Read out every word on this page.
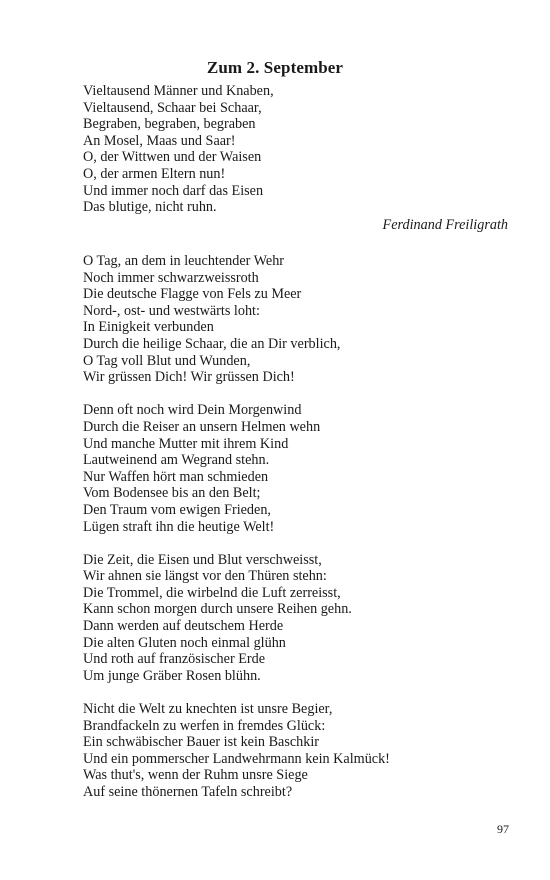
Zum 2. September
Vieltausend Männer und Knaben,
Vieltausend, Schaar bei Schaar,
Begraben, begraben, begraben
An Mosel, Maas und Saar!
O, der Wittwen und der Waisen
O, der armen Eltern nun!
Und immer noch darf das Eisen
Das blutige, nicht ruhn.
Ferdinand Freiligrath
O Tag, an dem in leuchtender Wehr
Noch immer schwarzweissroth
Die deutsche Flagge von Fels zu Meer
Nord-, ost- und westwärts loht:
In Einigkeit verbunden
Durch die heilige Schaar, die an Dir verblich,
O Tag voll Blut und Wunden,
Wir grüssen Dich! Wir grüssen Dich!
Denn oft noch wird Dein Morgenwind
Durch die Reiser an unsern Helmen wehn
Und manche Mutter mit ihrem Kind
Lautweinend am Wegrand stehn.
Nur Waffen hört man schmieden
Vom Bodensee bis an den Belt;
Den Traum vom ewigen Frieden,
Lügen straft ihn die heutige Welt!
Die Zeit, die Eisen und Blut verschweisst,
Wir ahnen sie längst vor den Thüren stehn:
Die Trommel, die wirbelnd die Luft zerreisst,
Kann schon morgen durch unsere Reihen gehn.
Dann werden auf deutschem Herde
Die alten Gluten noch einmal glühn
Und roth auf französischer Erde
Um junge Gräber Rosen blühn.
Nicht die Welt zu knechten ist unsre Begier,
Brandfackeln zu werfen in fremdes Glück:
Ein schwäbischer Bauer ist kein Baschkir
Und ein pommerscher Landwehrmann kein Kalmück!
Was thut's, wenn der Ruhm unsre Siege
Auf seine thönernen Tafeln schreibt?
97
